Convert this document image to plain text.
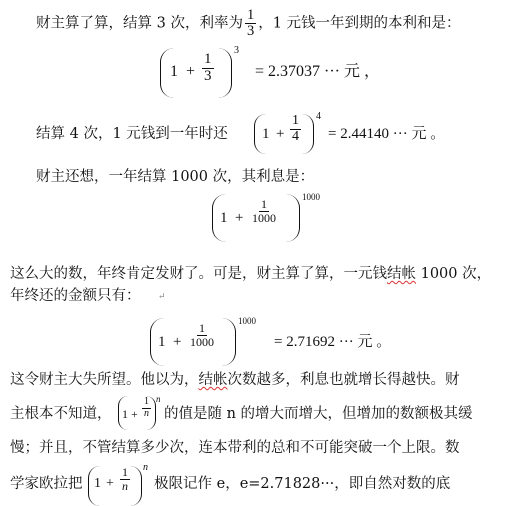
财主算了算，结算 3 次，利率为 $\frac{1}{3}$ ，1 元钱一年到期的本利和是：
$1 + \frac{1}{3}$
3
= 2.37037 ··· 元 ，
结算 4 次，1 元钱到一年时还 $1 + \frac{1}{4} 4$
= 2.44140 ··· 元 。
财主还想，一年结算 1000 次，其利息是：
$1 + \frac{1}{1000}$
1000
这么大的数，年终肯定发财了。可是，财主算了算，一元钱结帐 1000 次，
年终还的金额只有： ↵
$1 + \frac{1}{1000}$
1000
= 2.71692 ··· 元 。
这令财主大失所望。他以为，结帐次数越多，利息也就增长得越快。财
主根本不知道， $1 + \frac{1}{n}$ n
的值是随 n 的增大而增大，但增加的数额极其缓
慢；并且，不管结算多少次，连本带利的总和不可能突破一个上限。数
学家欧拉把 $1 + \frac{1}{n}$ n
极限记作 e，e=2.71828···，即自然对数的底
